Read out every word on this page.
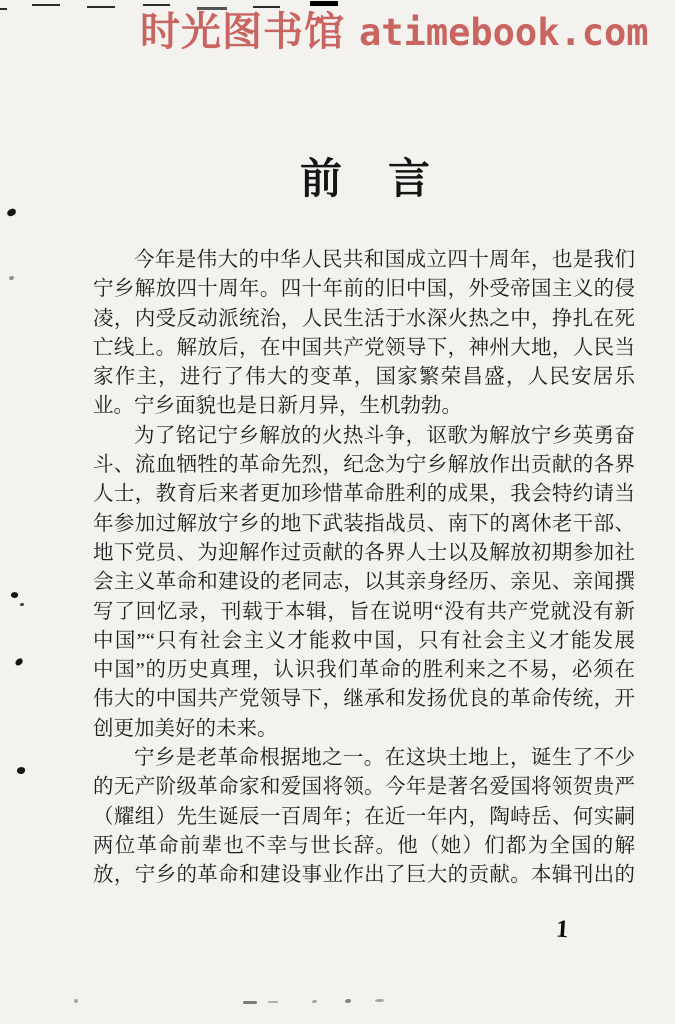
时光图书馆 atimebook.com
前　言
今年是伟大的中华人民共和国成立四十周年，也是我们
宁乡解放四十周年。四十年前的旧中国，外受帝国主义的侵
凌，内受反动派统治，人民生活于水深火热之中，挣扎在死
亡线上。解放后，在中国共产党领导下，神州大地，人民当
家作主，进行了伟大的变革，国家繁荣昌盛，人民安居乐
业。宁乡面貌也是日新月异，生机勃勃。
为了铭记宁乡解放的火热斗争，讴歌为解放宁乡英勇奋
斗、流血牺牲的革命先烈，纪念为宁乡解放作出贡献的各界
人士，教育后来者更加珍惜革命胜利的成果，我会特约请当
年参加过解放宁乡的地下武装指战员、南下的离休老干部、
地下党员、为迎解作过贡献的各界人士以及解放初期参加社
会主义革命和建设的老同志，以其亲身经历、亲见、亲闻撰
写了回忆录，刊载于本辑，旨在说明“没有共产党就没有新
中国”“只有社会主义才能救中国，只有社会主义才能发展
中国”的历史真理，认识我们革命的胜利来之不易，必须在
伟大的中国共产党领导下，继承和发扬优良的革命传统，开
创更加美好的未来。
宁乡是老革命根据地之一。在这块土地上，诞生了不少
的无产阶级革命家和爱国将领。今年是著名爱国将领贺贵严
（耀组）先生诞辰一百周年；在近一年内，陶峙岳、何实嗣
两位革命前辈也不幸与世长辞。他（她）们都为全国的解
放，宁乡的革命和建设事业作出了巨大的贡献。本辑刊出的
1
